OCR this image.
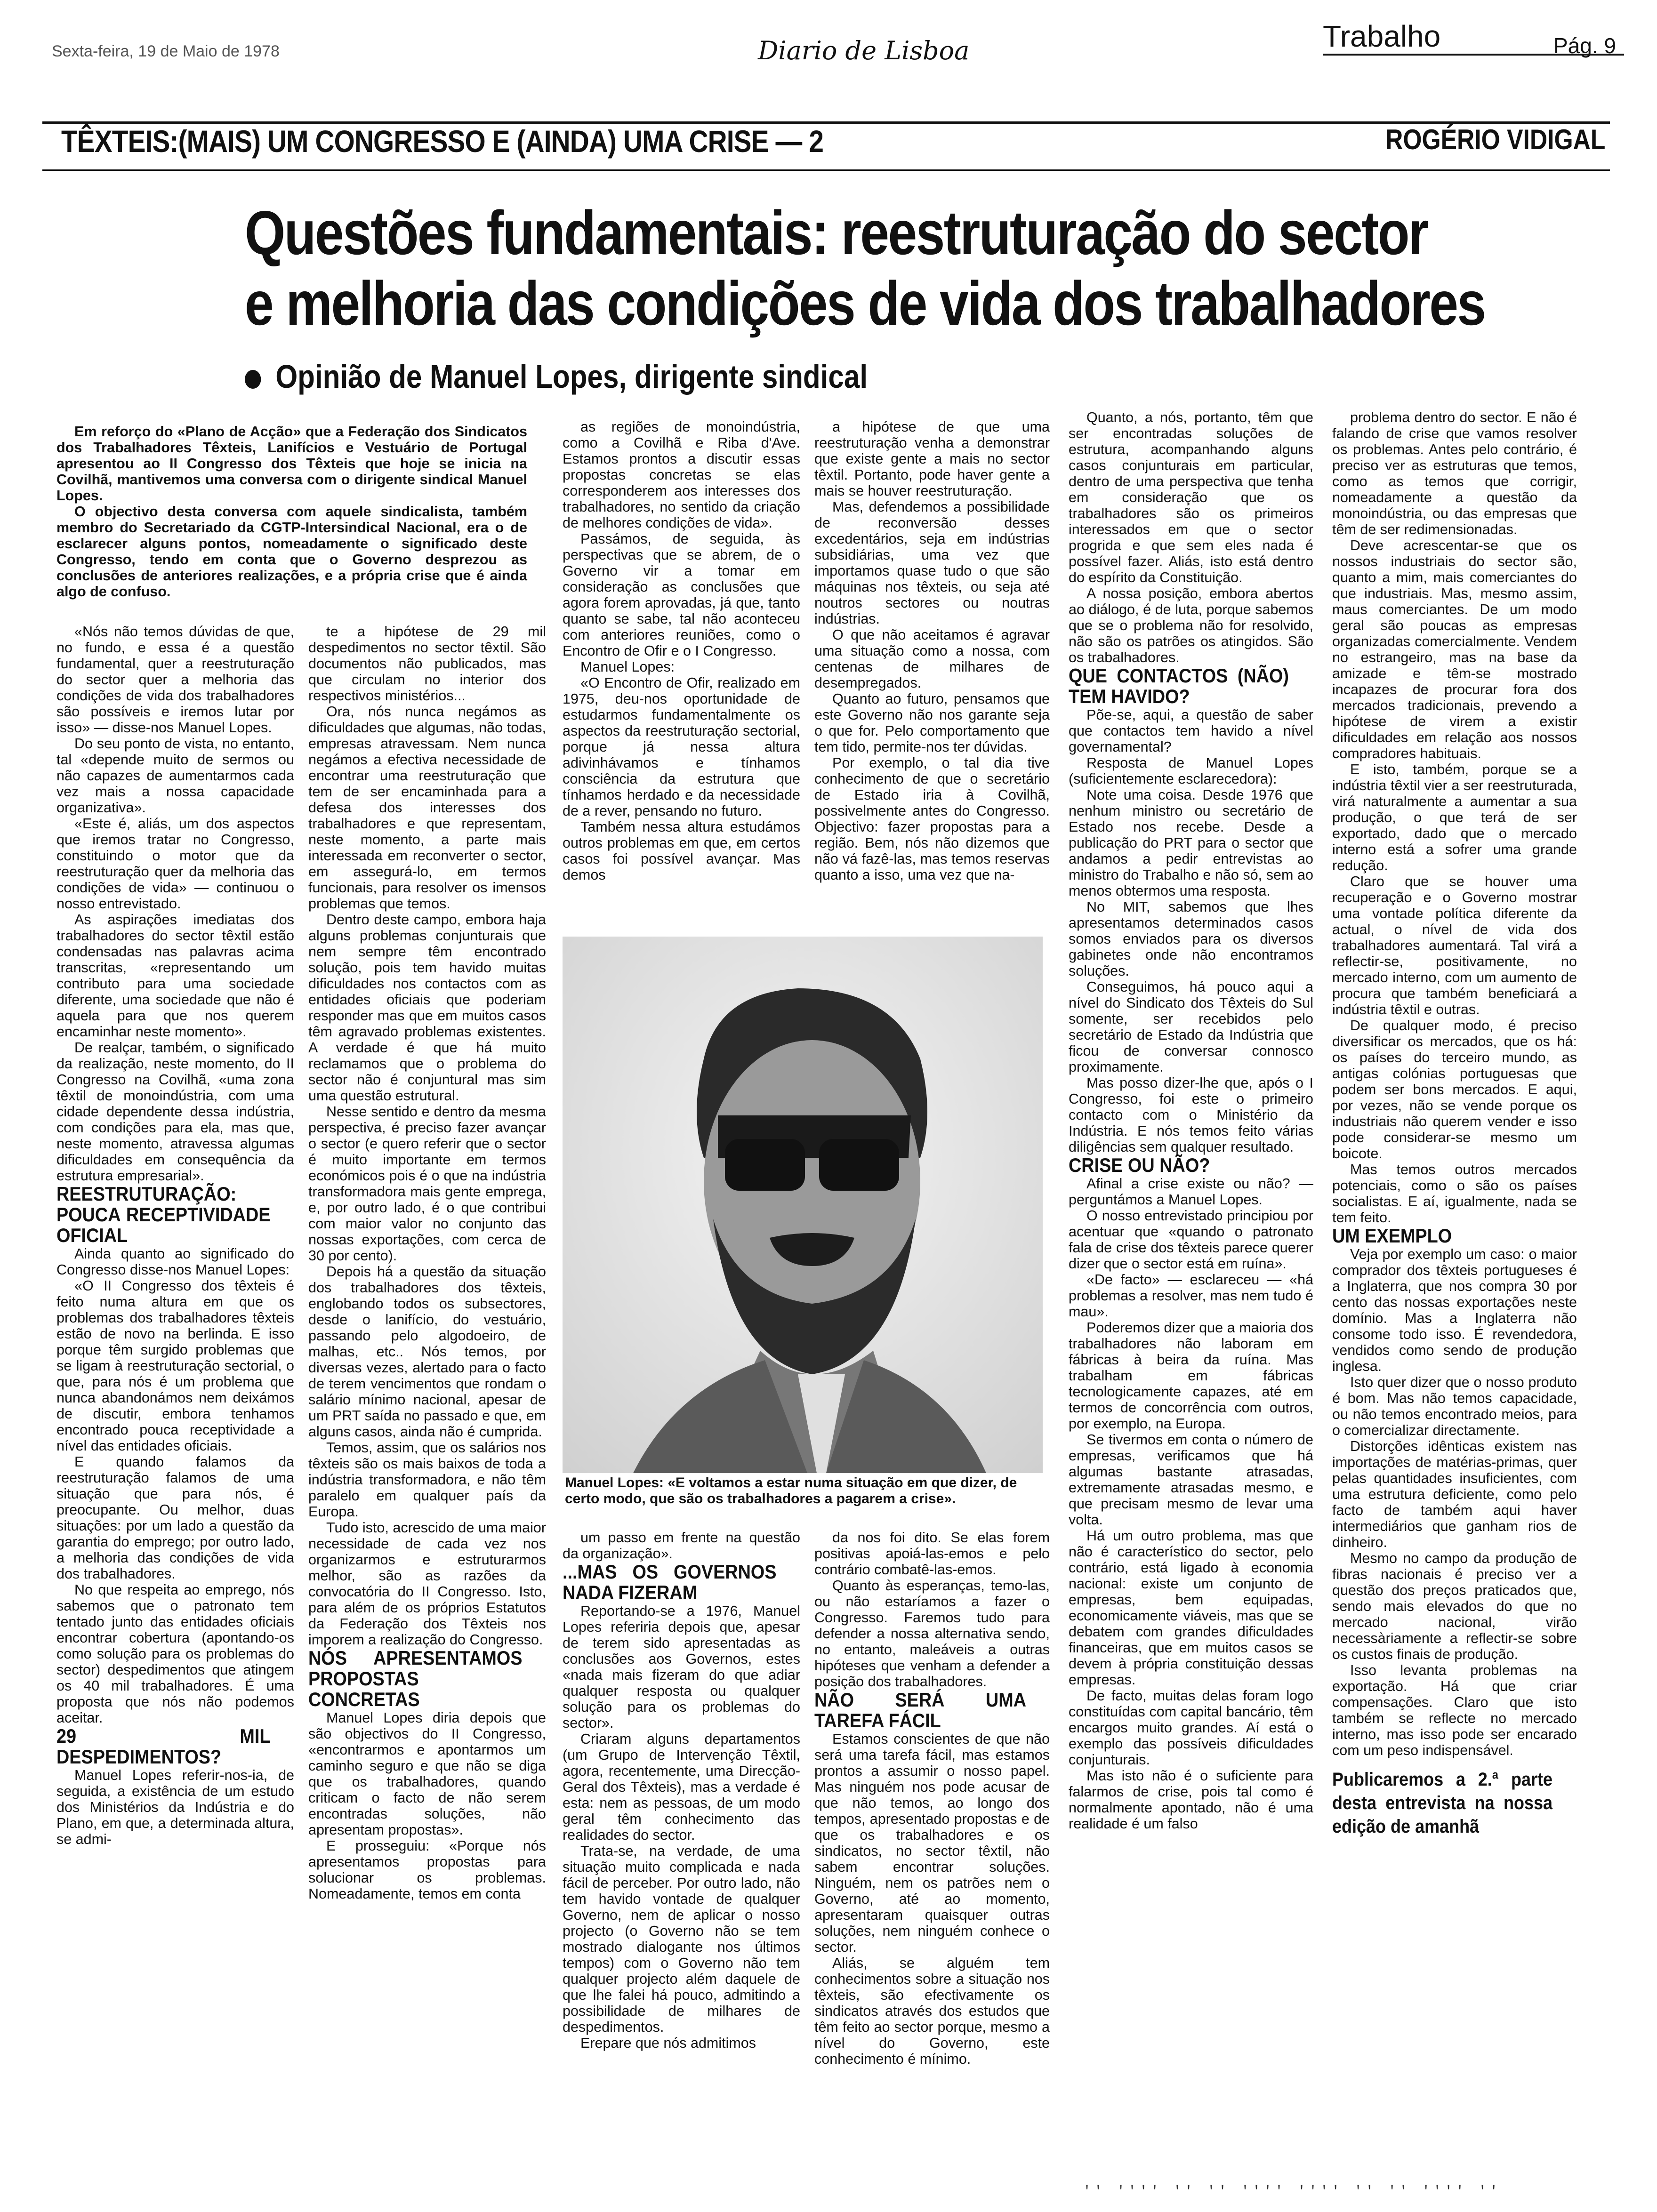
Sexta-feira, 19 de Maio de 1978	Diario de Lisboa	Trabalho	Pág. 9
TÊXTEIS:(MAIS) UM CONGRESSO E (AINDA) UMA CRISE — 2	ROGÉRIO VIDIGAL
Questões fundamentais: reestruturação do sector
e melhoria das condições de vida dos trabalhadores
Opinião de Manuel Lopes, dirigente sindical

Em reforço do «Plano de Acção» que a Federação dos Sindicatos dos Trabalhadores Têxteis, Lanifícios e Vestuário de Portugal apresentou ao II Congresso dos Têxteis que hoje se inicia na Covilhã, mantivemos uma conversa com o dirigente sindical Manuel Lopes.

O objectivo desta conversa com aquele sindicalista, também membro do Secretariado da CGTP-Intersindical Nacional, era o de esclarecer alguns pontos, nomeadamente o significado deste Congresso, tendo em conta que o Governo desprezou as conclusões de anteriores realizações, e a própria crise que é ainda algo de confuso.

«Nós não temos dúvidas de que, no fundo, e essa é a questão fundamental, quer a reestruturação do sector quer a melhoria das condições de vida dos trabalhadores são possíveis e iremos lutar por isso» — disse-nos Manuel Lopes.

Do seu ponto de vista, no entanto, tal «depende muito de sermos ou não capazes de aumentarmos cada vez mais a nossa capacidade organizativa».

«Este é, aliás, um dos aspectos que iremos tratar no Congresso, constituindo o motor que da reestruturação quer da melhoria das condições de vida» — continuou o nosso entrevistado.

As aspirações imediatas dos trabalhadores do sector têxtil estão condensadas nas palavras acima transcritas, «representando um contributo para uma sociedade diferente, uma sociedade que não é aquela para que nos querem encaminhar neste momento».

De realçar, também, o significado da realização, neste momento, do II Congresso na Covilhã, «uma zona têxtil de monoindústria, com uma cidade dependente dessa indústria, com condições para ela, mas que, neste momento, atravessa algumas dificuldades em consequência da estrutura empresarial».

REESTRUTURAÇÃO: POUCA RECEPTIVIDADE OFICIAL

Ainda quanto ao significado do Congresso disse-nos Manuel Lopes:

«O II Congresso dos têxteis é feito numa altura em que os problemas dos trabalhadores têxteis estão de novo na berlinda. E isso porque têm surgido problemas que se ligam à reestruturação sectorial, o que, para nós é um problema que nunca abandonámos nem deixámos de discutir, embora tenhamos encontrado pouca receptividade a nível das entidades oficiais.

E quando falamos da reestruturação falamos de uma situação que para nós, é preocupante. Ou melhor, duas situações: por um lado a questão da garantia do emprego; por outro lado, a melhoria das condições de vida dos trabalhadores.

No que respeita ao emprego, nós sabemos que o patronato tem tentado junto das entidades oficiais encontrar cobertura (apontando-os como solução para os problemas do sector) despedimentos que atingem os 40 mil trabalhadores. É uma proposta que nós não podemos aceitar.

29 MIL DESPEDIMENTOS?

Manuel Lopes referir-nos-ia, de seguida, a existência de um estudo dos Ministérios da Indústria e do Plano, em que, a determinada altura, se admi-

te a hipótese de 29 mil despedimentos no sector têxtil. São documentos não publicados, mas que circulam no interior dos respectivos ministérios...

Ora, nós nunca negámos as dificuldades que algumas, não todas, empresas atravessam. Nem nunca negámos a efectiva necessidade de encontrar uma reestruturação que tem de ser encaminhada para a defesa dos interesses dos trabalhadores e que representam, neste momento, a parte mais interessada em reconverter o sector, em assegurá-lo, em termos funcionais, para resolver os imensos problemas que temos.

Dentro deste campo, embora haja alguns problemas conjunturais que nem sempre têm encontrado solução, pois tem havido muitas dificuldades nos contactos com as entidades oficiais que poderiam responder mas que em muitos casos têm agravado problemas existentes. A verdade é que há muito reclamamos que o problema do sector não é conjuntural mas sim uma questão estrutural.

Nesse sentido e dentro da mesma perspectiva, é preciso fazer avançar o sector (e quero referir que o sector é muito importante em termos económicos pois é o que na indústria transformadora mais gente emprega, e, por outro lado, é o que contribui com maior valor no conjunto das nossas exportações, com cerca de 30 por cento).

Depois há a questão da situação dos trabalhadores dos têxteis, englobando todos os subsectores, desde o lanifício, do vestuário, passando pelo algodoeiro, de malhas, etc.. Nós temos, por diversas vezes, alertado para o facto de terem vencimentos que rondam o salário mínimo nacional, apesar de um PRT saída no passado e que, em alguns casos, ainda não é cumprida.

Temos, assim, que os salários nos têxteis são os mais baixos de toda a indústria transformadora, e não têm paralelo em qualquer país da Europa.

Tudo isto, acrescido de uma maior necessidade de cada vez nos organizarmos e estruturarmos melhor, são as razões da convocatória do II Congresso. Isto, para além de os próprios Estatutos da Federação dos Têxteis nos imporem a realização do Congresso.

NÓS APRESENTAMOS PROPOSTAS CONCRETAS

Manuel Lopes diria depois que são objectivos do II Congresso, «encontrarmos e apontarmos um caminho seguro e que não se diga que os trabalhadores, quando criticam o facto de não serem encontradas soluções, não apresentam propostas».

E prosseguiu: «Porque nós apresentamos propostas para solucionar os problemas. Nomeadamente, temos em conta

as regiões de monoindústria, como a Covilhã e Riba d'Ave. Estamos prontos a discutir essas propostas concretas se elas corresponderem aos interesses dos trabalhadores, no sentido da criação de melhores condições de vida».

Passámos, de seguida, às perspectivas que se abrem, de o Governo vir a tomar em consideração as conclusões que agora forem aprovadas, já que, tanto quanto se sabe, tal não aconteceu com anteriores reuniões, como o Encontro de Ofir e o I Congresso.

Manuel Lopes:

«O Encontro de Ofir, realizado em 1975, deu-nos oportunidade de estudarmos fundamentalmente os aspectos da reestruturação sectorial, porque já nessa altura adivinhávamos e tínhamos consciência da estrutura que tínhamos herdado e da necessidade de a rever, pensando no futuro.

Também nessa altura estudámos outros problemas em que, em certos casos foi possível avançar. Mas demos

a hipótese de que uma reestruturação venha a demonstrar que existe gente a mais no sector têxtil. Portanto, pode haver gente a mais se houver reestruturação.

Mas, defendemos a possibilidade de reconversão desses excedentários, seja em indústrias subsidiárias, uma vez que importamos quase tudo o que são máquinas nos têxteis, ou seja até noutros sectores ou noutras indústrias.

O que não aceitamos é agravar uma situação como a nossa, com centenas de milhares de desempregados.

Quanto ao futuro, pensamos que este Governo não nos garante seja o que for. Pelo comportamento que tem tido, permite-nos ter dúvidas.

Por exemplo, o tal dia tive conhecimento de que o secretário de Estado iria à Covilhã, possivelmente antes do Congresso. Objectivo: fazer propostas para a região. Bem, nós não dizemos que não vá fazê-las, mas temos reservas quanto a isso, uma vez que na-

Manuel Lopes: «E voltamos a estar numa situação em que dizer, de certo modo, que são os trabalhadores a pagarem a crise».

um passo em frente na questão da organização».

...MAS OS GOVERNOS NADA FIZERAM

Reportando-se a 1976, Manuel Lopes referiria depois que, apesar de terem sido apresentadas as conclusões aos Governos, estes «nada mais fizeram do que adiar qualquer resposta ou qualquer solução para os problemas do sector».

Criaram alguns departamentos (um Grupo de Intervenção Têxtil, agora, recentemente, uma Direcção-Geral dos Têxteis), mas a verdade é esta: nem as pessoas, de um modo geral têm conhecimento das realidades do sector.

Trata-se, na verdade, de uma situação muito complicada e nada fácil de perceber. Por outro lado, não tem havido vontade de qualquer Governo, nem de aplicar o nosso projecto (o Governo não se tem mostrado dialogante nos últimos tempos) com o Governo não tem qualquer projecto além daquele de que lhe falei há pouco, admitindo a possibilidade de milhares de despedimentos.

Erepare que nós admitimos

da nos foi dito. Se elas forem positivas apoiá-las-emos e pelo contrário combatê-las-emos.

Quanto às esperanças, temo-las, ou não estaríamos a fazer o Congresso. Faremos tudo para defender a nossa alternativa sendo, no entanto, maleáveis a outras hipóteses que venham a defender a posição dos trabalhadores.

NÃO SERÁ UMA TAREFA FÁCIL

Estamos conscientes de que não será uma tarefa fácil, mas estamos prontos a assumir o nosso papel. Mas ninguém nos pode acusar de que não temos, ao longo dos tempos, apresentado propostas e de que os trabalhadores e os sindicatos, no sector têxtil, não sabem encontrar soluções. Ninguém, nem os patrões nem o Governo, até ao momento, apresentaram quaisquer outras soluções, nem ninguém conhece o sector.

Aliás, se alguém tem conhecimentos sobre a situação nos têxteis, são efectivamente os sindicatos através dos estudos que têm feito ao sector porque, mesmo a nível do Governo, este conhecimento é mínimo.

Quanto, a nós, portanto, têm que ser encontradas soluções de estrutura, acompanhando alguns casos conjunturais em particular, dentro de uma perspectiva que tenha em consideração que os trabalhadores são os primeiros interessados em que o sector progrida e que sem eles nada é possível fazer. Aliás, isto está dentro do espírito da Constituição.

A nossa posição, embora abertos ao diálogo, é de luta, porque sabemos que se o problema não for resolvido, não são os patrões os atingidos. São os trabalhadores.

QUE CONTACTOS (NÃO) TEM HAVIDO?

Põe-se, aqui, a questão de saber que contactos tem havido a nível governamental?

Resposta de Manuel Lopes (suficientemente esclarecedora):

Note uma coisa. Desde 1976 que nenhum ministro ou secretário de Estado nos recebe. Desde a publicação do PRT para o sector que andamos a pedir entrevistas ao ministro do Trabalho e não só, sem ao menos obtermos uma resposta.

No MIT, sabemos que lhes apresentamos determinados casos somos enviados para os diversos gabinetes onde não encontramos soluções.

Conseguimos, há pouco aqui a nível do Sindicato dos Têxteis do Sul somente, ser recebidos pelo secretário de Estado da Indústria que ficou de conversar connosco proximamente.

Mas posso dizer-lhe que, após o I Congresso, foi este o primeiro contacto com o Ministério da Indústria. E nós temos feito várias diligências sem qualquer resultado.

CRISE OU NÃO?

Afinal a crise existe ou não? — perguntámos a Manuel Lopes.

O nosso entrevistado principiou por acentuar que «quando o patronato fala de crise dos têxteis parece querer dizer que o sector está em ruína».

«De facto» — esclareceu — «há problemas a resolver, mas nem tudo é mau».

Poderemos dizer que a maioria dos trabalhadores não laboram em fábricas à beira da ruína. Mas trabalham em fábricas tecnologicamente capazes, até em termos de concorrência com outros, por exemplo, na Europa.

Se tivermos em conta o número de empresas, verificamos que há algumas bastante atrasadas, extremamente atrasadas mesmo, e que precisam mesmo de levar uma volta.

Há um outro problema, mas que não é característico do sector, pelo contrário, está ligado à economia nacional: existe um conjunto de empresas, bem equipadas, economicamente viáveis, mas que se debatem com grandes dificuldades financeiras, que em muitos casos se devem à própria constituição dessas empresas.

De facto, muitas delas foram logo constituídas com capital bancário, têm encargos muito grandes. Aí está o exemplo das possíveis dificuldades conjunturais.

Mas isto não é o suficiente para falarmos de crise, pois tal como é normalmente apontado, não é uma realidade é um falso

problema dentro do sector. E não é falando de crise que vamos resolver os problemas. Antes pelo contrário, é preciso ver as estruturas que temos, como as temos que corrigir, nomeadamente a questão da monoindústria, ou das empresas que têm de ser redimensionadas.

Deve acrescentar-se que os nossos industriais do sector são, quanto a mim, mais comerciantes do que industriais. Mas, mesmo assim, maus comerciantes. De um modo geral são poucas as empresas organizadas comercialmente. Vendem no estrangeiro, mas na base da amizade e têm-se mostrado incapazes de procurar fora dos mercados tradicionais, prevendo a hipótese de virem a existir dificuldades em relação aos nossos compradores habituais.

E isto, também, porque se a indústria têxtil vier a ser reestruturada, virá naturalmente a aumentar a sua produção, o que terá de ser exportado, dado que o mercado interno está a sofrer uma grande redução.

Claro que se houver uma recuperação e o Governo mostrar uma vontade política diferente da actual, o nível de vida dos trabalhadores aumentará. Tal virá a reflectir-se, positivamente, no mercado interno, com um aumento de procura que também beneficiará a indústria têxtil e outras.

De qualquer modo, é preciso diversificar os mercados, que os há: os países do terceiro mundo, as antigas colónias portuguesas que podem ser bons mercados. E aqui, por vezes, não se vende porque os industriais não querem vender e isso pode considerar-se mesmo um boicote.

Mas temos outros mercados potenciais, como o são os países socialistas. E aí, igualmente, nada se tem feito.

UM EXEMPLO

Veja por exemplo um caso: o maior comprador dos têxteis portugueses é a Inglaterra, que nos compra 30 por cento das nossas exportações neste domínio. Mas a Inglaterra não consome todo isso. É revendedora, vendidos como sendo de produção inglesa.

Isto quer dizer que o nosso produto é bom. Mas não temos capacidade, ou não temos encontrado meios, para o comercializar directamente.

Distorções idênticas existem nas importações de matérias-primas, quer pelas quantidades insuficientes, com uma estrutura deficiente, como pelo facto de também aqui haver intermediários que ganham rios de dinheiro.

Mesmo no campo da produção de fibras nacionais é preciso ver a questão dos preços praticados que, sendo mais elevados do que no mercado nacional, virão necessàriamente a reflectir-se sobre os custos finais de produção.

Isso levanta problemas na exportação. Há que criar compensações. Claro que isto também se reflecte no mercado interno, mas isso pode ser encarado com um peso indispensável.

Publicaremos a 2.ª parte desta entrevista na nossa edição de amanhã

'' '''' '' '' '''' '''' '' '' '''' ''
